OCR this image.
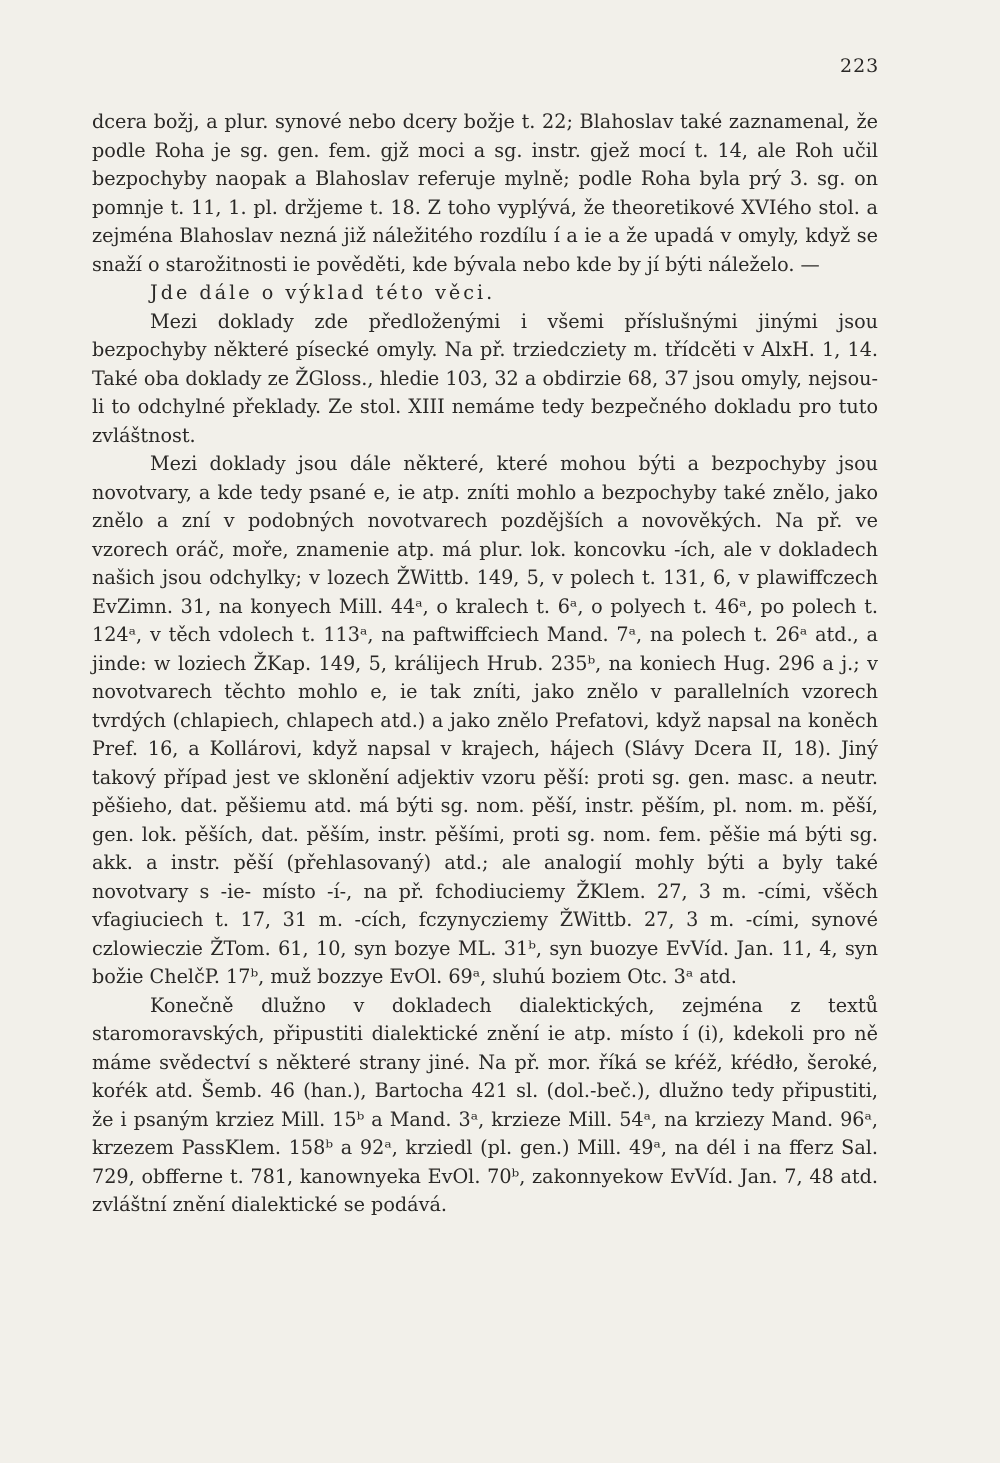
223

dcera božj, a plur. synové nebo dcery božje t. 22; Blahoslav také zaznamenal, že podle Roha je sg. gen. fem. gjž moci a sg. instr. gjež mocí t. 14, ale Roh učil bezpochyby naopak a Blahoslav referuje mylně; podle Roha byla prý 3. sg. on pomnje t. 11, 1. pl. držjeme t. 18. Z toho vyplývá, že theoretikové XVIého stol. a zejména Blahoslav nezná již náležitého rozdílu í a ie a že upadá v omyly, když se snaží o starožitnosti ie pověděti, kde bývala nebo kde by jí býti náleželo. —

Jde dále o výklad této věci.

Mezi doklady zde předloženými i všemi příslušnými jinými jsou bezpochyby některé písecké omyly. Na př. trziedcziety m. třídcěti v AlxH. 1, 14. Také oba doklady ze ŽGloss., hledie 103, 32 a obdirzie 68, 37 jsou omyly, nejsou-li to odchylné překlady. Ze stol. XIII nemáme tedy bezpečného dokladu pro tuto zvláštnost.

Mezi doklady jsou dále některé, které mohou býti a bezpochyby jsou novotvary, a kde tedy psané e, ie atp. zníti mohlo a bezpochyby také znělo, jako znělo a zní v podobných novotvarech pozdějších a novověkých. Na př. ve vzorech oráč, moře, znamenie atp. má plur. lok. koncovku -ích, ale v dokladech našich jsou odchylky; v lozech ŽWittb. 149, 5, v polech t. 131, 6, v plawiffczech EvZimn. 31, na konyech Mill. 44ᵃ, o kralech t. 6ᵃ, o polyech t. 46ᵃ, po polech t. 124ᵃ, v těch vdolech t. 113ᵃ, na paftwiffciech Mand. 7ᵃ, na polech t. 26ᵃ atd., a jinde: w loziech ŽKap. 149, 5, králijech Hrub. 235ᵇ, na koniech Hug. 296 a j.; v novotvarech těchto mohlo e, ie tak zníti, jako znělo v parallelních vzorech tvrdých (chlapiech, chlapech atd.) a jako znělo Prefatovi, když napsal na koněch Pref. 16, a Kollárovi, když napsal v krajech, hájech (Slávy Dcera II, 18). Jiný takový případ jest ve sklonění adjektiv vzoru pěší: proti sg. gen. masc. a neutr. pěšieho, dat. pěšiemu atd. má býti sg. nom. pěší, instr. pěším, pl. nom. m. pěší, gen. lok. pěších, dat. pěším, instr. pěšími, proti sg. nom. fem. pěšie má býti sg. akk. a instr. pěší (přehlasovaný) atd.; ale analogií mohly býti a byly také novotvary s -ie- místo -í-, na př. fchodiuciemy ŽKlem. 27, 3 m. -cími, všěch vfagiuciech t. 17, 31 m. -cích, fczynycziemy ŽWittb. 27, 3 m. -cími, synové czlowieczie ŽTom. 61, 10, syn bozye ML. 31ᵇ, syn buozye EvVíd. Jan. 11, 4, syn božie ChelčP. 17ᵇ, muž bozzye EvOl. 69ᵃ, sluhú boziem Otc. 3ᵃ atd.

Konečně dlužno v dokladech dialektických, zejména z textů staromoravských, připustiti dialektické znění ie atp. místo í (i), kdekoli pro ně máme svědectví s některé strany jiné. Na př. mor. říká se kŕéž, kŕédło, šeroké, koŕék atd. Šemb. 46 (han.), Bartocha 421 sl. (dol.-beč.), dlužno tedy připustiti, že i psaným krziez Mill. 15ᵇ a Mand. 3ᵃ, krzieze Mill. 54ᵃ, na krziezy Mand. 96ᵃ, krzezem PassKlem. 158ᵇ a 92ᵃ, krziedl (pl. gen.) Mill. 49ᵃ, na dél i na fferz Sal. 729, obfferne t. 781, kanownyeka EvOl. 70ᵇ, zakonnyekow EvVíd. Jan. 7, 48 atd. zvláštní znění dialektické se podává.
